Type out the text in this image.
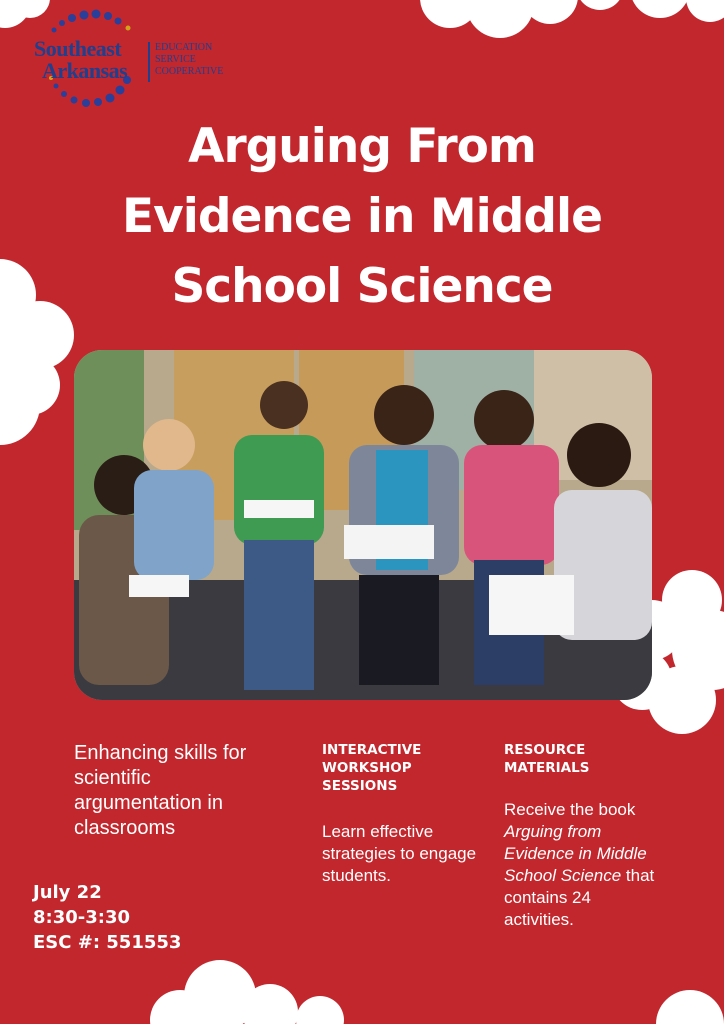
Southeast
Arkansas
EDUCATION
SERVICE
COOPERATIVE
Arguing From
Evidence in Middle
School Science
Enhancing skills for scientific argumentation in classrooms
July 22
8:30-3:30
ESC #: 551553
INTERACTIVE WORKSHOP SESSIONS
Learn effective strategies to engage students.
RESOURCE MATERIALS
Receive the book Arguing from Evidence in Middle School Science that contains 24 activities.
